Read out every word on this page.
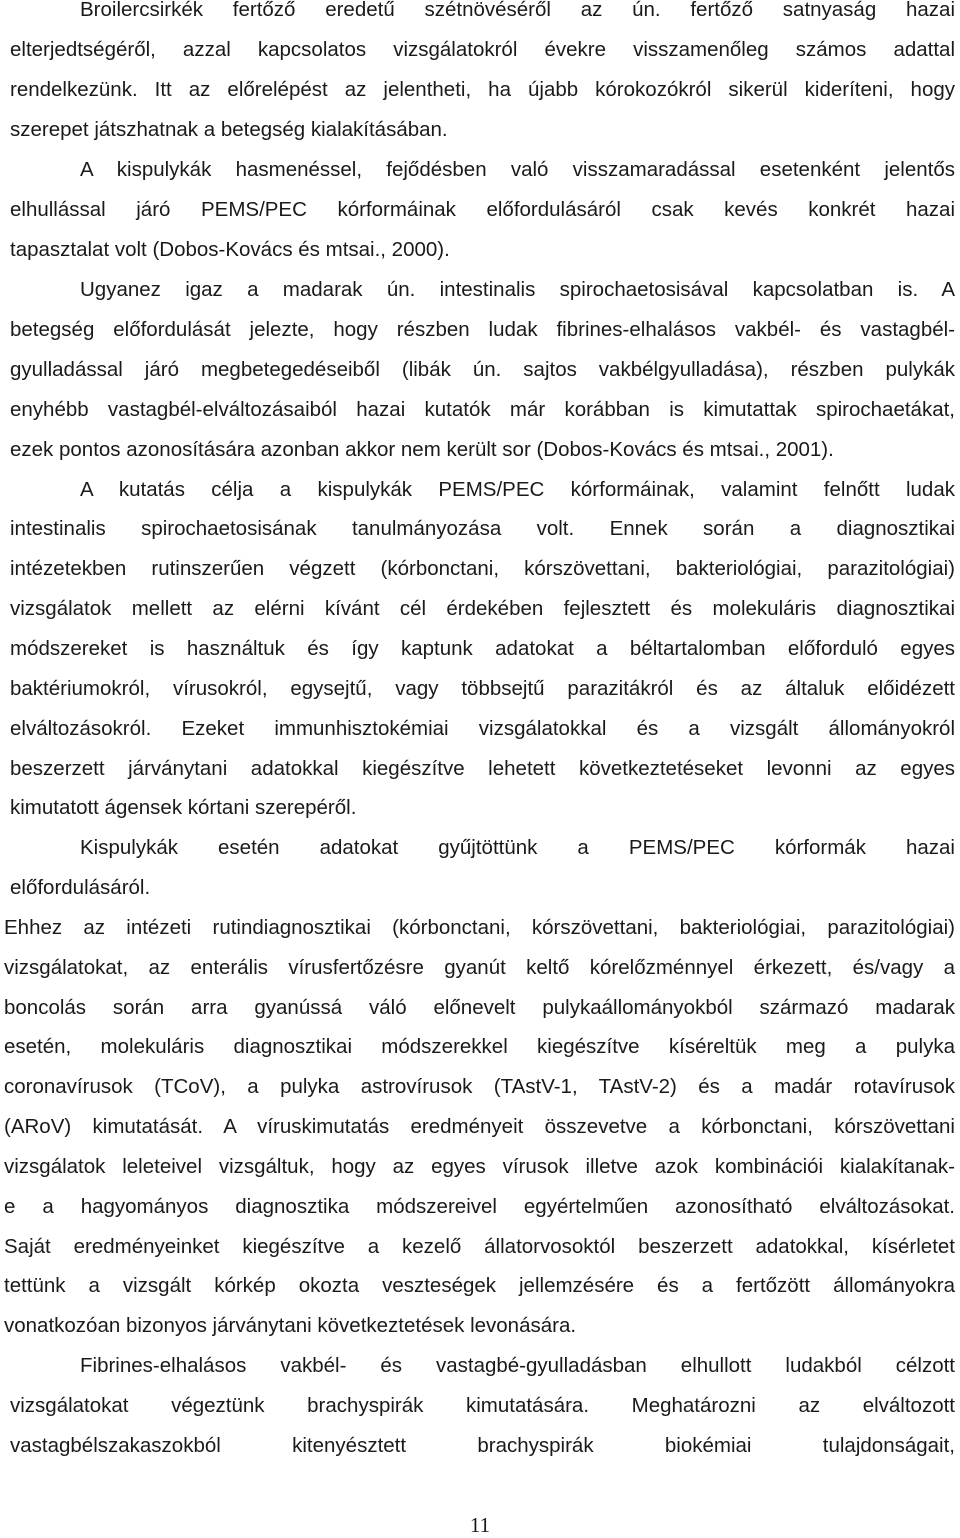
Broilercsirkék fertőző eredetű szétnövéséről az ún. fertőző satnyaság hazai
elterjedtségéről, azzal kapcsolatos vizsgálatokról évekre visszamenőleg számos adattal
rendelkezünk. Itt az előrelépést az jelentheti, ha újabb kórokozókról sikerül kideríteni, hogy
szerepet játszhatnak a betegség kialakításában.
A kispulykák hasmenéssel, fejődésben való visszamaradással esetenként jelentős
elhullással járó PEMS/PEC kórformáinak előfordulásáról csak kevés konkrét hazai
tapasztalat volt (Dobos-Kovács és mtsai., 2000).
Ugyanez igaz a madarak ún. intestinalis spirochaetosisával kapcsolatban is. A
betegség előfordulását jelezte, hogy részben ludak fibrines-elhalásos vakbél- és vastagbél-
gyulladással járó megbetegedéseiből (libák ún. sajtos vakbélgyulladása), részben pulykák
enyhébb vastagbél-elváltozásaiból hazai kutatók már korábban is kimutattak spirochaetákat,
ezek pontos azonosítására azonban akkor nem került sor (Dobos-Kovács és mtsai., 2001).
A kutatás célja a kispulykák PEMS/PEC kórformáinak, valamint felnőtt ludak
intestinalis spirochaetosisának tanulmányozása volt. Ennek során a diagnosztikai
intézetekben rutinszerűen végzett (kórbonctani, kórszövettani, bakteriológiai, parazitológiai)
vizsgálatok mellett az elérni kívánt cél érdekében fejlesztett és molekuláris diagnosztikai
módszereket is használtuk és így kaptunk adatokat a béltartalomban előforduló egyes
baktériumokról, vírusokról, egysejtű, vagy többsejtű parazitákról és az általuk előidézett
elváltozásokról. Ezeket immunhisztokémiai vizsgálatokkal és a vizsgált állományokról
beszerzett járványtani adatokkal kiegészítve lehetett következtetéseket levonni az egyes
kimutatott ágensek kórtani szerepéről.
Kispulykák esetén adatokat gyűjtöttünk a PEMS/PEC kórformák hazai
előfordulásáról.
Ehhez az intézeti rutindiagnosztikai (kórbonctani, kórszövettani, bakteriológiai, parazitológiai)
vizsgálatokat, az enterális vírusfertőzésre gyanút keltő kórelőzménnyel érkezett, és/vagy a
boncolás során arra gyanússá váló előnevelt pulykaállományokból származó madarak
esetén, molekuláris diagnosztikai módszerekkel kiegészítve kíséreltük meg a pulyka
coronavírusok (TCoV), a pulyka astrovírusok (TAstV-1, TAstV-2) és a madár rotavírusok
(ARoV) kimutatását. A víruskimutatás eredményeit összevetve a kórbonctani, kórszövettani
vizsgálatok leleteivel vizsgáltuk, hogy az egyes vírusok illetve azok kombinációi kialakítanak-
e a hagyományos diagnosztika módszereivel egyértelműen azonosítható elváltozásokat.
Saját eredményeinket kiegészítve a kezelő állatorvosoktól beszerzett adatokkal, kísérletet
tettünk a vizsgált kórkép okozta veszteségek jellemzésére és a fertőzött állományokra
vonatkozóan bizonyos járványtani következtetések levonására.
Fibrines-elhalásos vakbél- és vastagbé-gyulladásban elhullott ludakból célzott
vizsgálatokat végeztünk brachyspirák kimutatására. Meghatározni az elváltozott
vastagbélszakaszokból kitenyésztett brachyspirák biokémiai tulajdonságait,
11
